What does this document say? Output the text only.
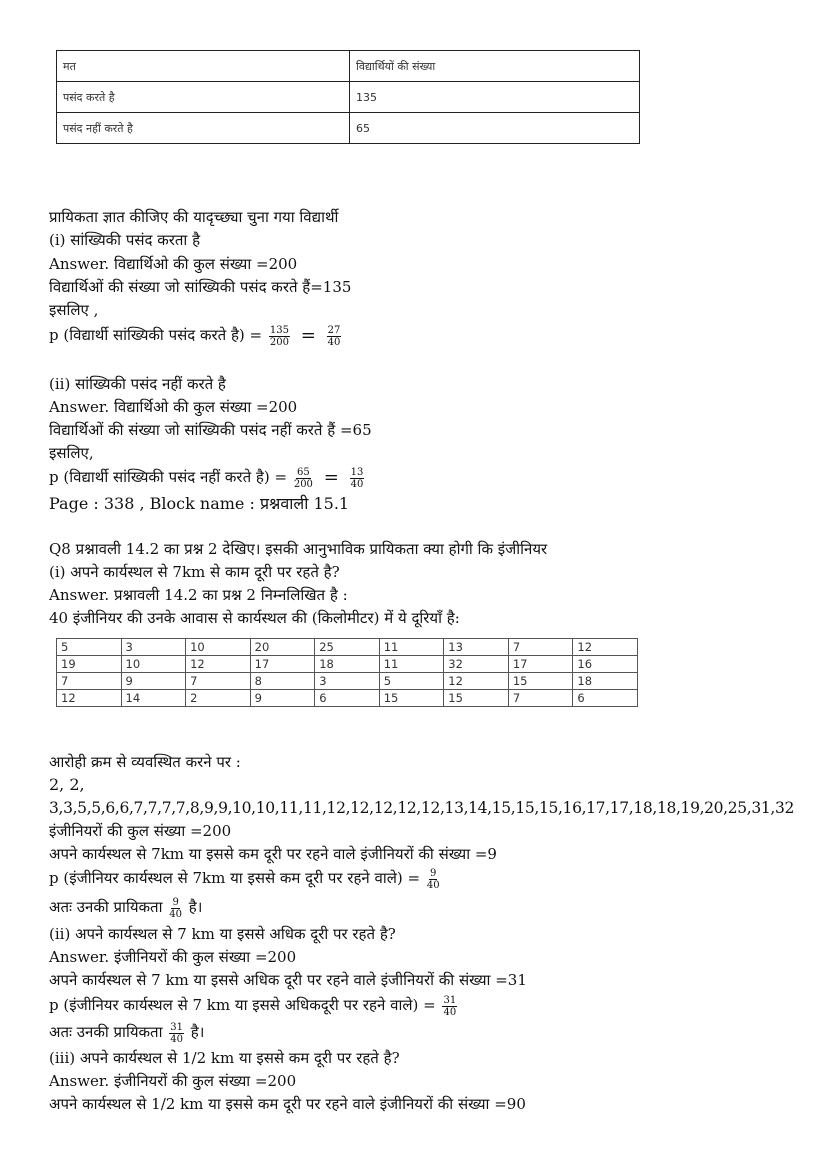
मत	विद्यार्थियों की संख्या
पसंद करते है	135
पसंद नहीं करते है	65
प्रायिकता ज्ञात कीजिए की यादृच्छ्या चुना गया विद्यार्थी
(i) सांख्यिकी पसंद करता है
Answer. विद्यार्थिओ की कुल संख्या =200
विद्यार्थिओं की संख्या जो सांख्यिकी पसंद करते हैं=135
इसलिए ,
p (विद्यार्थी सांख्यिकी पसंद करते है) = $\frac{135}{200} = \frac{27}{40}$
(ii) सांख्यिकी पसंद नहीं करते है
Answer. विद्यार्थिओ की कुल संख्या =200
विद्यार्थिओं की संख्या जो सांख्यिकी पसंद नहीं करते हैं =65
इसलिए,
p (विद्यार्थी सांख्यिकी पसंद नहीं करते है) = $\frac{65}{200} = \frac{13}{40}$
Page : 338 , Block name : प्रश्नवाली 15.1
Q8 प्रश्नावली 14.2 का प्रश्न 2 देखिए। इसकी आनुभाविक प्रायिकता क्या होगी कि इंजीनियर
(i) अपने कार्यस्थल से 7km से काम दूरी पर रहते है?
Answer. प्रश्नावली 14.2 का प्रश्न 2 निम्नलिखित है :
40 इंजीनियर की उनके आवास से कार्यस्थल की (किलोमीटर) में ये दूरियाँ है:
5	3	10	20	25	11	13	7	12
19	10	12	17	18	11	32	17	16
7	9	7	8	3	5	12	15	18
12	14	2	9	6	15	15	7	6
आरोही क्रम से व्यवस्थित करने पर :
2, 2,
3,3,5,5,6,6,7,7,7,7,8,9,9,10,10,11,11,12,12,12,12,12,13,14,15,15,15,16,17,17,18,18,19,20,25,31,32
इंजीनियरों की कुल संख्या =200
अपने कार्यस्थल से 7km या इससे कम दूरी पर रहने वाले इंजीनियरों की संख्या =9
p (इंजीनियर कार्यस्थल से 7km या इससे कम दूरी पर रहने वाले) = $\frac{9}{40}$
अतः उनकी प्रायिकता $\frac{9}{40}$ है।
(ii) अपने कार्यस्थल से 7 km या इससे अधिक दूरी पर रहते है?
Answer. इंजीनियरों की कुल संख्या =200
अपने कार्यस्थल से 7 km या इससे अधिक दूरी पर रहने वाले इंजीनियरों की संख्या =31
p (इंजीनियर कार्यस्थल से 7 km या इससे अधिकदूरी पर रहने वाले) = $\frac{31}{40}$
अतः उनकी प्रायिकता $\frac{31}{40}$ है।
(iii) अपने कार्यस्थल से 1/2 km या इससे कम दूरी पर रहते है?
Answer. इंजीनियरों की कुल संख्या =200
अपने कार्यस्थल से 1/2 km या इससे कम दूरी पर रहने वाले इंजीनियरों की संख्या =90
